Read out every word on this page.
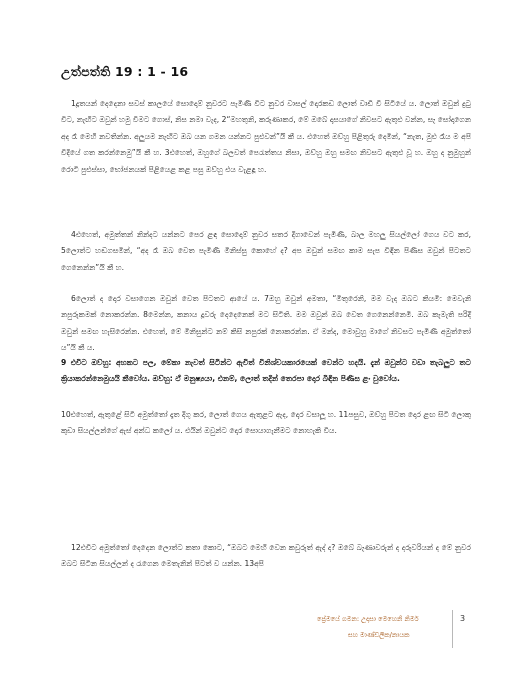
උත්පත්ති 19 : 1 - 16

1දූතයන් දෙදෙනා සවස් කාලයේ සොදොම් නුවරට පැමිණි විට නුවර වාසල් දොරකඩ ලොත් වාඩි වී සිටියේ ය. ලොත් ඔවුන් දුටු විට, නැඟිට ඔවුන් හමු වීමට ගොස්, නිස නමා වැද, 2“මහතුනි, කරුණාකර, මේ ඔබේ දාසයාගේ නිවසට ඇතුළු වන්න, සෑ සෝදාගෙන අද රෑ මෙහි නවතින්න. අලුයම නැඟිට ඔබ යන ගමන යන්නට පුළුවන්”යි කී ය. එහෙත් ඔව්හු පිළිතුරු දෙමින්, “නැත, මුළු රෑය ම අපි වීදියේ ගත කරන්නෙමු”යි කී හ. 3එහෙත්, ඔහුගේ බලවත් පෙරැත්තය නිසා, ඔව්හු ඔහු සමඟ නිවසට ඇතුළු වූ හ. ඔහු ද නුමුහුන් රොටි පුළුස්සා, භෝජනයක් පිළියෙළ කළ පසු ඔව්හු එය වැළඳූ හ.

4එහෙත්, අමුත්තන් නින්දට යන්නට පෙර ළඳ සොදොම් නුවර සතර දිගාවෙන් පැමිණි, බාල මහලු සියල්ලෝ ගෙය වට කර, 5ලොත්ට හඬගසමින්, “අද රෑ ඔබ වෙත පැමිණි මිනිස්සු කොහේ ද? අප ඔවුන් සමඟ කාම සැප විඳින පිණිස ඔවුන් පිටතට ගෙනෙන්න”යි කී හ.

6ලොත් ද දොර වසාගෙන ඔවුන් වෙත පිටතට ආයේ ය. 7ඔහු ඔවුන් අමතා, “මිතුරෙනි, මම වැද ඔබට කියමි: මෙවැනි නපුරුකමක් නොකරන්න. 8මෙන්න, කනාය දූවරු දෙදෙනෙක් මට සිටිති. මම ඔවුන් ඔබ වෙත ගෙනෙන්නෙමි. ඔබ කැමැති පරිදි ඔවුන් සමඟ හැසිරෙන්න. එහෙත්, මේ මිනිසුන්ට නම් කිසි නපුරක් නොකරන්න. ඒ මන්ද, මොවුහු මාගේ නිවසට පැමිණි අමුත්තෝ ය”යි කී ය.

9 එවිට ඔව්හු: අහකට පල, මේකා නැවත් සිටින්ට ඇවිත් විනිශ්චයකාරයෙක් වෙන්ට හදයි. දැන් ඔවුන්ට වඩා තැබලුට තට ක්‍රියාකරන්නෙමුයයි කීවෝය. ඔව්හු: ඒ මනුෂ්‍යයා, එනම්, ලොත් තදින් තෙරපා දොර බිඳින පිණිස ළං වුවෝය.

10එහෙත්, ඇතුළේ සිටි අමුත්තෝ දෑත දිගු කර, ලොත් ගෙය ඇතුළට ඇද, දොර වසාලූ හ. 11පසුව, ඔව්හු පිටත දොර ළඟ සිටි ලොකු කුඩා සියල්ලන්ගේ ඇස් අන්ධ කලෝ ය. එයින් ඔවුන්ට දොර සොයාගැනීමට නොහැකි විය.

12එවිට අමුත්තෝ දෙදෙන ලොත්ට කතා කොට, “ඔබට මෙහි වෙන කවුරුත් ඇද් ද? ඔබේ බෑණාවරුන් ද දරුවරියන් ද මේ නුවර ඔබට සිටින සියල්ලන් ද රැගෙන මෙතැනින් පිටත් ව යන්න. 13අපි

ප්‍රේමයේ ගමන: උදාසා මෙහෙනි නිර්ම
සහ මාණ්ඩලික/නායක
3
